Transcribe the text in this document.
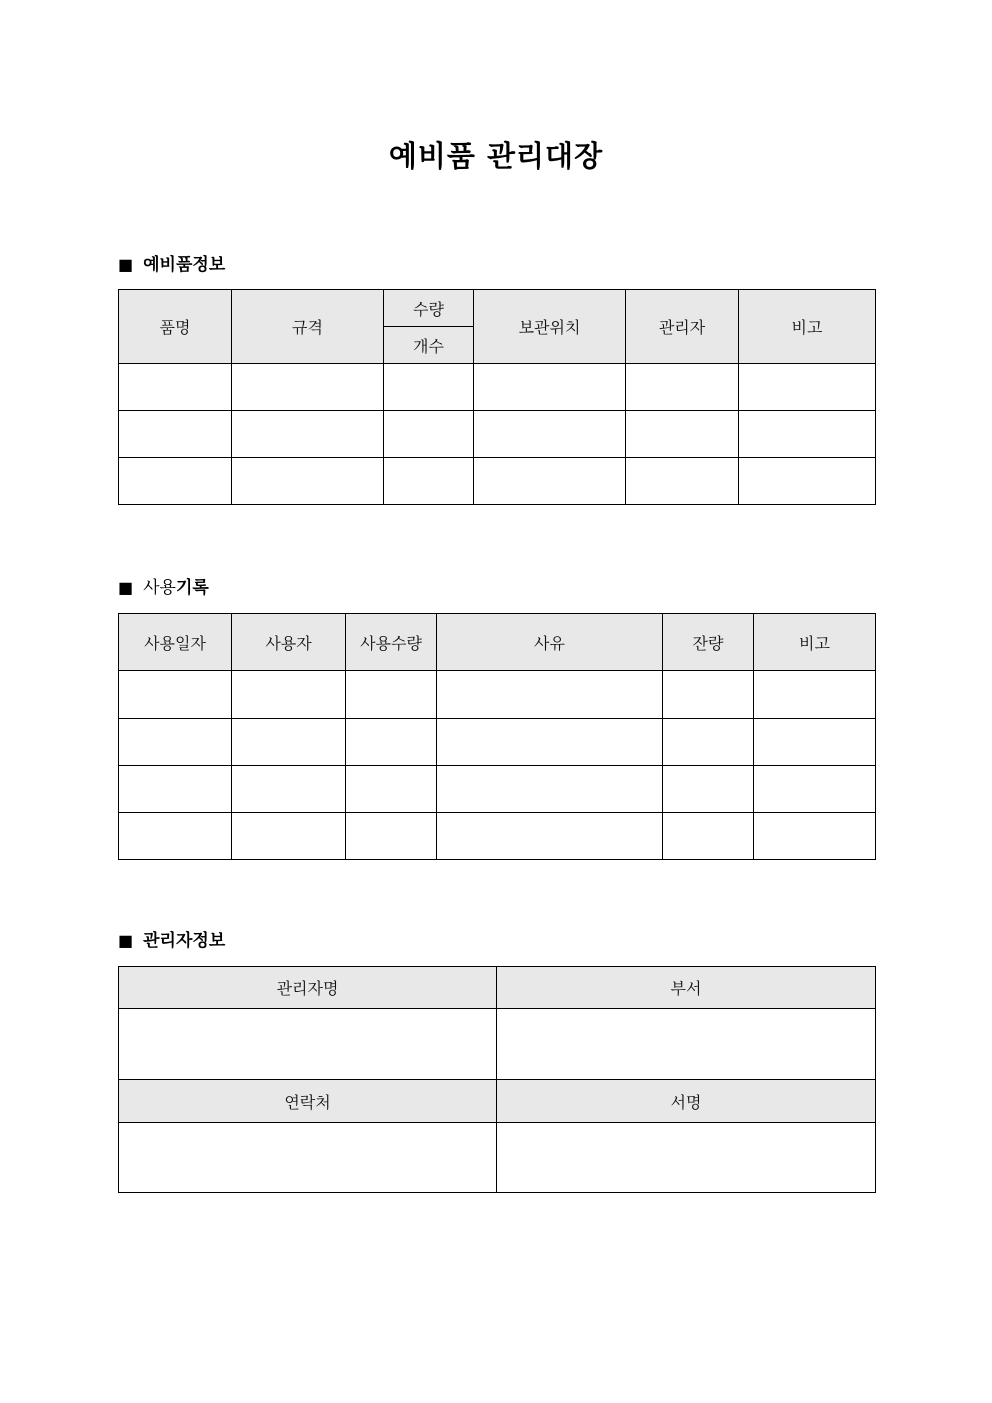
예비품 관리대장
■ 예비품정보
품명	규격	수량	보관위치	관리자	비고
		개수			

■ 사용기록
사용일자	사용자	사용수량	사유	잔량	비고

■ 관리자정보
관리자명	부서

연락처	서명
